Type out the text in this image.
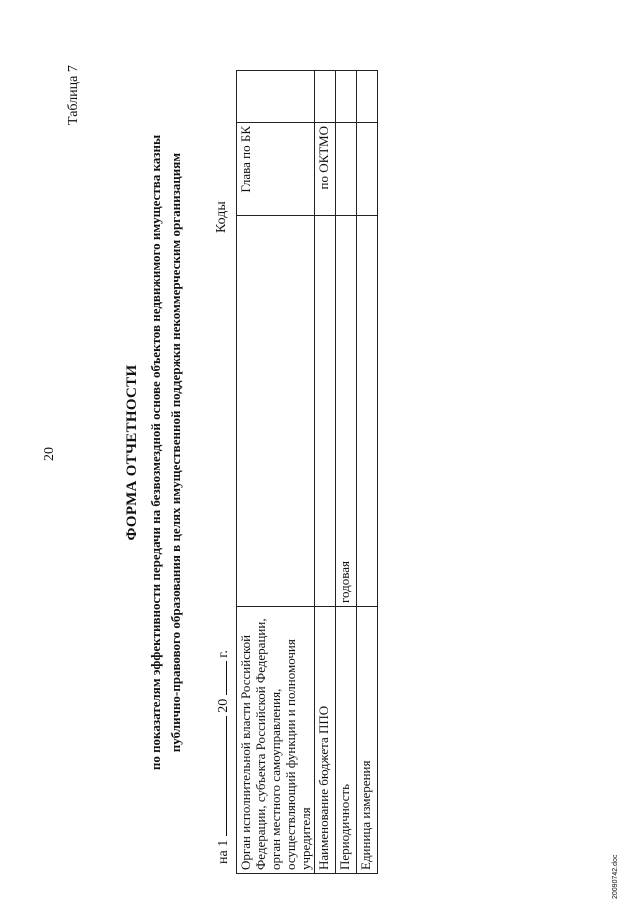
20
Таблица 7
ФОРМА ОТЧЕТНОСТИ по показателям эффективности передачи на безвозмездной основе объектов недвижимого имущества казны публично-правового образования в целях имущественной поддержки некоммерческим организациям
на 1  20  г.
Коды
Орган исполнительной власти Российской Федерации, субъекта Российской Федерации, орган местного самоуправления, осуществляющий функции и полномочия учредителя		Глава по БК	
Наименование бюджета ППО		по ОКТМО	
Периодичность	годовая		
Единица измерения			
20090742.doc
